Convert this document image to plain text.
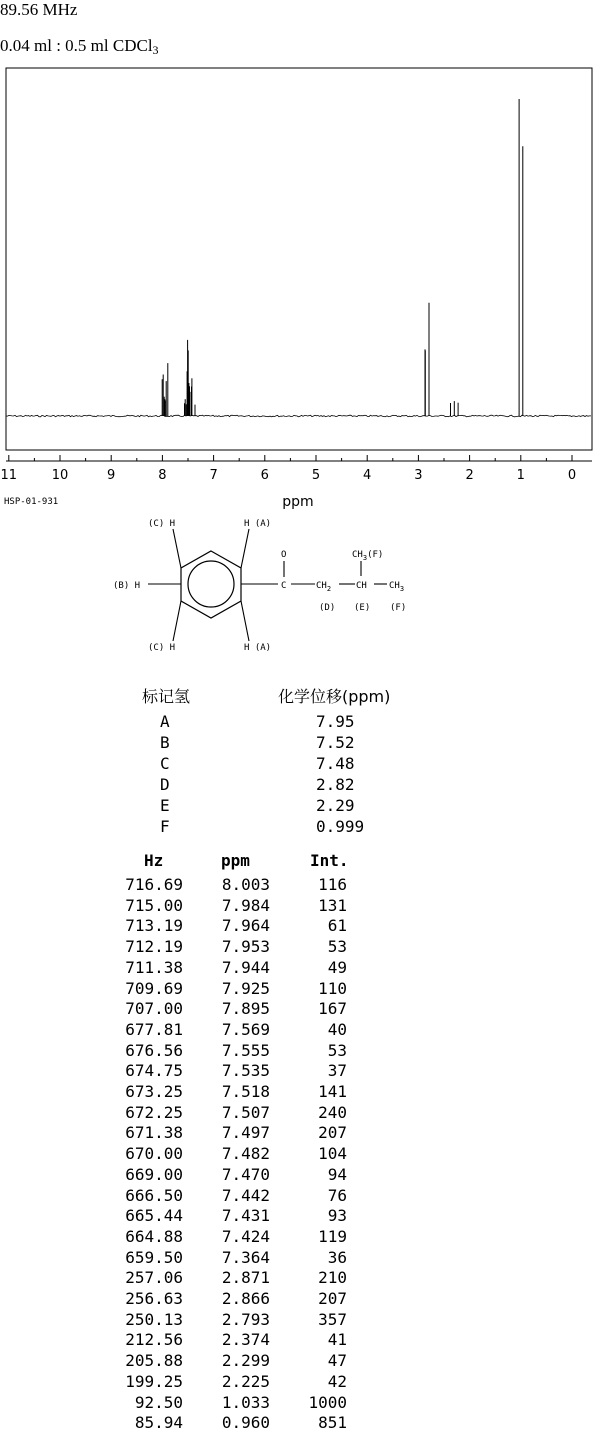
89.56 MHz
0.04 ml : 0.5 ml CDCl$_3$
11	10	9	8	7	6	5	4	3	2	1	0
ppm
HSP-01-931
(C) H	H (A)
(B) H
(C) H	H (A)
O
C	$CH_2$	CH $CH_3$
$CH_3(F)$
(D) (E) (F)
标记氢	化学位移(ppm)
A	7.95
B	7.52
C	7.48
D	2.82
E	2.29
F	0.999
Hz	ppm	Int.
716.69 8.003	116
715.00 7.984	131
713.19 7.964	61
712.19 7.953	53
711.38 7.944	49
709.69 7.925	110
707.00 7.895	167
677.81 7.569	40
676.56 7.555	53
674.75 7.535	37
673.25 7.518	141
672.25 7.507	240
671.38 7.497	207
670.00 7.482	104
669.00 7.470	94
666.50 7.442	76
665.44 7.431	93
664.88 7.424	119
659.50 7.364	36
257.06 2.871	210
256.63 2.866	207
250.13 2.793	357
212.56 2.374	41
205.88 2.299	47
199.25 2.225	42
92.50 1.033 1000
85.94 0.960	851
